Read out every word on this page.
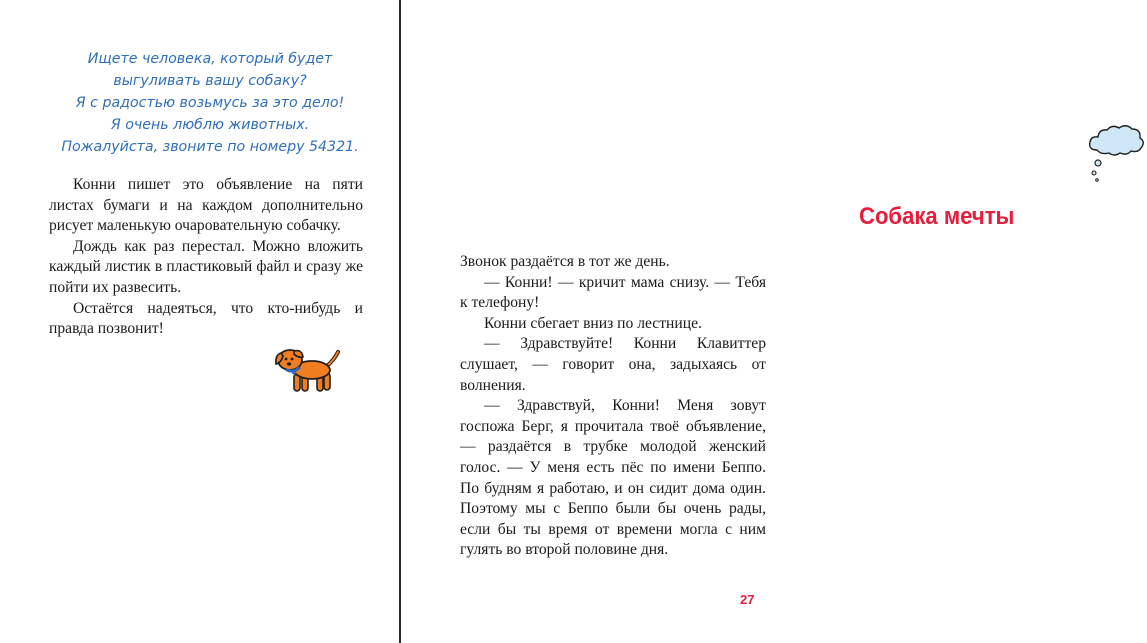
Ищете человека, который будет
выгуливать вашу собаку?
Я с радостью возьмусь за это дело!
Я очень люблю животных.
Пожалуйста, звоните по номеру 54321.

Конни пишет это объявление на пяти листах бумаги и на каждом дополнительно рисует маленькую очаровательную собачку.

Дождь как раз перестал. Можно вложить каждый листик в пластиковый файл и сразу же пойти их развесить.

Остаётся надеяться, что кто-нибудь и правда позвонит!

Собака мечты

Звонок раздаётся в тот же день.

— Конни! — кричит мама снизу. — Тебя к телефону!

Конни сбегает вниз по лестнице.

— Здравствуйте! Конни Клавиттер слушает, — говорит она, задыхаясь от волнения.

— Здравствуй, Конни! Меня зовут госпожа Берг, я прочитала твоё объявление, — раздаётся в трубке молодой женский голос. — У меня есть пёс по имени Беппо. По будням я работаю, и он сидит дома один. Поэтому мы с Беппо были бы очень рады, если бы ты время от времени могла с ним гулять во второй половине дня.

27
